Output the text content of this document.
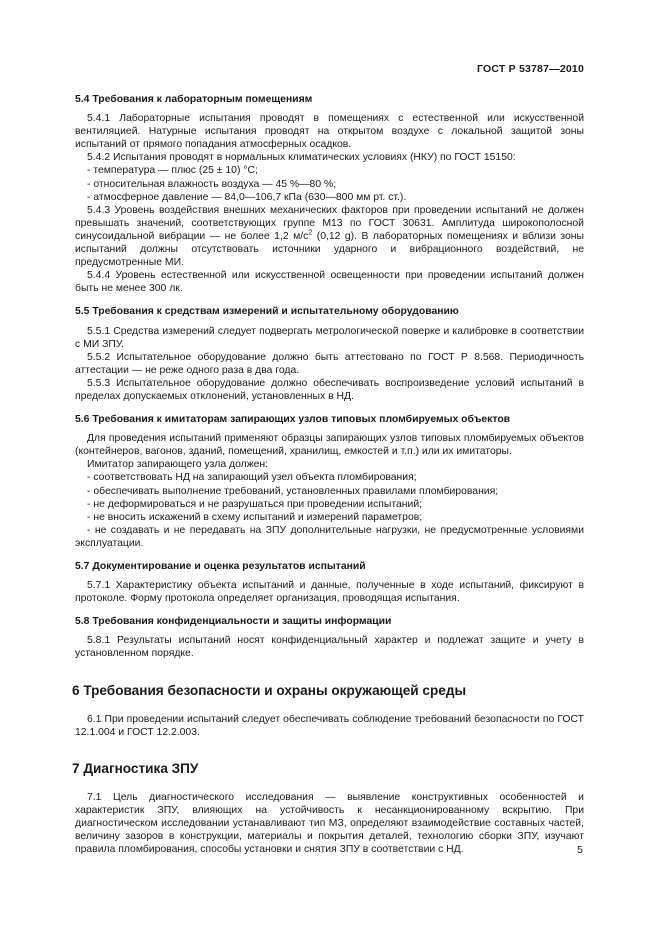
ГОСТ Р 53787—2010

5.4 Требования к лабораторным помещениям

5.4.1 Лабораторные испытания проводят в помещениях с естественной или искусственной вентиляцией. Натурные испытания проводят на открытом воздухе с локальной защитой зоны испытаний от прямого попадания атмосферных осадков.

5.4.2 Испытания проводят в нормальных климатических условиях (НКУ) по ГОСТ 15150:

- температура — плюс (25 ± 10) °С;

- относительная влажность воздуха — 45 %—80 %;

- атмосферное давление — 84,0—106,7 кПа (630—800 мм рт. ст.).

5.4.3 Уровень воздействия внешних механических факторов при проведении испытаний не должен превышать значений, соответствующих группе М13 по ГОСТ 30631. Амплитуда широкополосной синусоидальной вибрации — не более 1,2 $м/с^2$ (0,12 g). В лабораторных помещениях и вблизи зоны испытаний должны отсутствовать источники ударного и вибрационного воздействий, не предусмотренные МИ.

5.4.4 Уровень естественной или искусственной освещенности при проведении испытаний должен быть не менее 300 лк.

5.5 Требования к средствам измерений и испытательному оборудованию

5.5.1 Средства измерений следует подвергать метрологической поверке и калибровке в соответствии с МИ ЗПУ.

5.5.2 Испытательное оборудование должно быть аттестовано по ГОСТ Р 8.568. Периодичность аттестации — не реже одного раза в два года.

5.5.3 Испытательное оборудование должно обеспечивать воспроизведение условий испытаний в пределах допускаемых отклонений, установленных в НД.

5.6 Требования к имитаторам запирающих узлов типовых пломбируемых объектов

Для проведения испытаний применяют образцы запирающих узлов типовых пломбируемых объектов (контейнеров, вагонов, зданий, помещений, хранилищ, емкостей и т.п.) или их имитаторы.

Имитатор запирающего узла должен:

- соответствовать НД на запирающий узел объекта пломбирования;

- обеспечивать выполнение требований, установленных правилами пломбирования;

- не деформироваться и не разрушаться при проведении испытаний;

- не вносить искажений в схему испытаний и измерений параметров;

- не создавать и не передавать на ЗПУ дополнительные нагрузки, не предусмотренные условиями эксплуатации.

5.7 Документирование и оценка результатов испытаний

5.7.1 Характеристику объекта испытаний и данные, полученные в ходе испытаний, фиксируют в протоколе. Форму протокола определяет организация, проводящая испытания.

5.8 Требования конфиденциальности и защиты информации

5.8.1 Результаты испытаний носят конфиденциальный характер и подлежат защите и учету в установленном порядке.

6 Требования безопасности и охраны окружающей среды

6.1 При проведении испытаний следует обеспечивать соблюдение требований безопасности по ГОСТ 12.1.004 и ГОСТ 12.2.003.

7 Диагностика ЗПУ

7.1 Цель диагностического исследования — выявление конструктивных особенностей и характеристик ЗПУ, влияющих на устойчивость к несанкционированному вскрытию. При диагностическом исследовании устанавливают тип МЗ, определяют взаимодействие составных частей, величину зазоров в конструкции, материалы и покрытия деталей, технологию сборки ЗПУ, изучают правила пломбирования, способы установки и снятия ЗПУ в соответствии с НД.	5
